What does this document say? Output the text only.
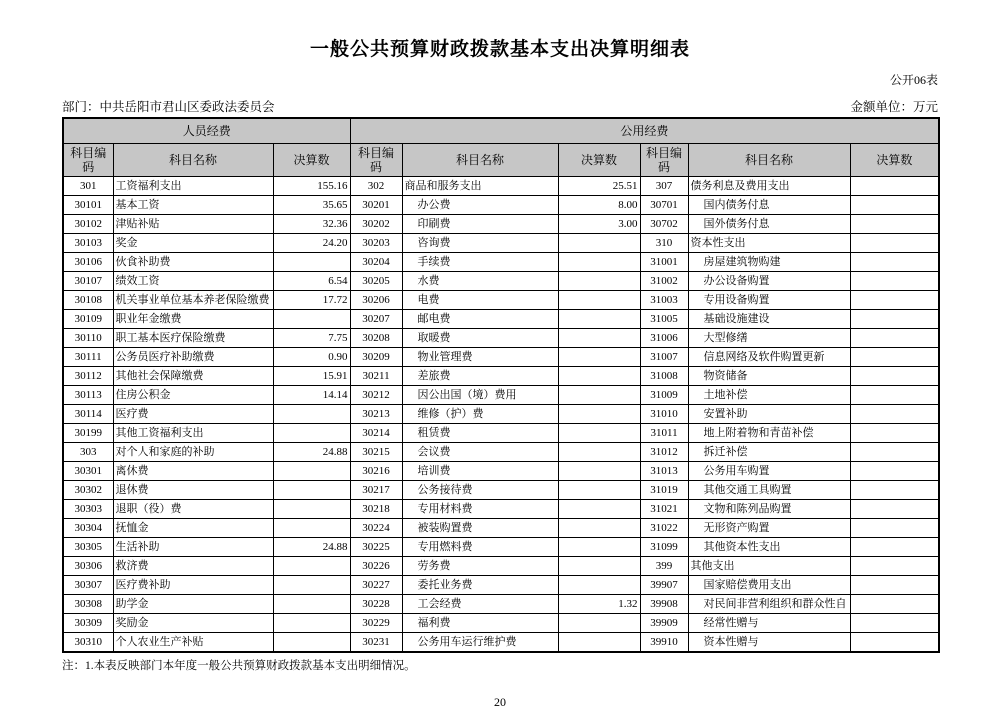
一般公共预算财政拨款基本支出决算明细表
公开06表
部门：中共岳阳市君山区委政法委员会	金额单位：万元
人员经费			公用经费					
科目编码	科目名称	决算数	科目编码	科目名称	决算数	科目编码	科目名称	决算数
301	工资福利支出	155.16	302	商品和服务支出	25.51	307	债务利息及费用支出	
30101	基本工资	35.65	30201	办公费	8.00	30701	国内债务付息	
30102	津贴补贴	32.36	30202	印刷费	3.00	30702	国外债务付息	
30103	奖金	24.20	30203	咨询费		310	资本性支出	
30106	伙食补助费		30204	手续费		31001	房屋建筑物购建	
30107	绩效工资	6.54	30205	水费		31002	办公设备购置	
30108	机关事业单位基本养老保险缴费	17.72	30206	电费		31003	专用设备购置	
30109	职业年金缴费		30207	邮电费		31005	基础设施建设	
30110	职工基本医疗保险缴费	7.75	30208	取暖费		31006	大型修缮	
30111	公务员医疗补助缴费	0.90	30209	物业管理费		31007	信息网络及软件购置更新	
30112	其他社会保障缴费	15.91	30211	差旅费		31008	物资储备	
30113	住房公积金	14.14	30212	因公出国（境）费用		31009	土地补偿	
30114	医疗费		30213	维修（护）费		31010	安置补助	
30199	其他工资福利支出		30214	租赁费		31011	地上附着物和青苗补偿	
303	对个人和家庭的补助	24.88	30215	会议费		31012	拆迁补偿	
30301	离休费		30216	培训费		31013	公务用车购置	
30302	退休费		30217	公务接待费		31019	其他交通工具购置	
30303	退职（役）费		30218	专用材料费		31021	文物和陈列品购置	
30304	抚恤金		30224	被装购置费		31022	无形资产购置	
30305	生活补助	24.88	30225	专用燃料费		31099	其他资本性支出	
30306	救济费		30226	劳务费		399	其他支出	
30307	医疗费补助		30227	委托业务费		39907	国家赔偿费用支出	
30308	助学金		30228	工会经费	1.32	39908	对民间非营利组织和群众性自	
30309	奖励金		30229	福利费		39909	经常性赠与	
30310	个人农业生产补贴		30231	公务用车运行维护费		39910	资本性赠与	
注：1.本表反映部门本年度一般公共预算财政拨款基本支出明细情况。
20
